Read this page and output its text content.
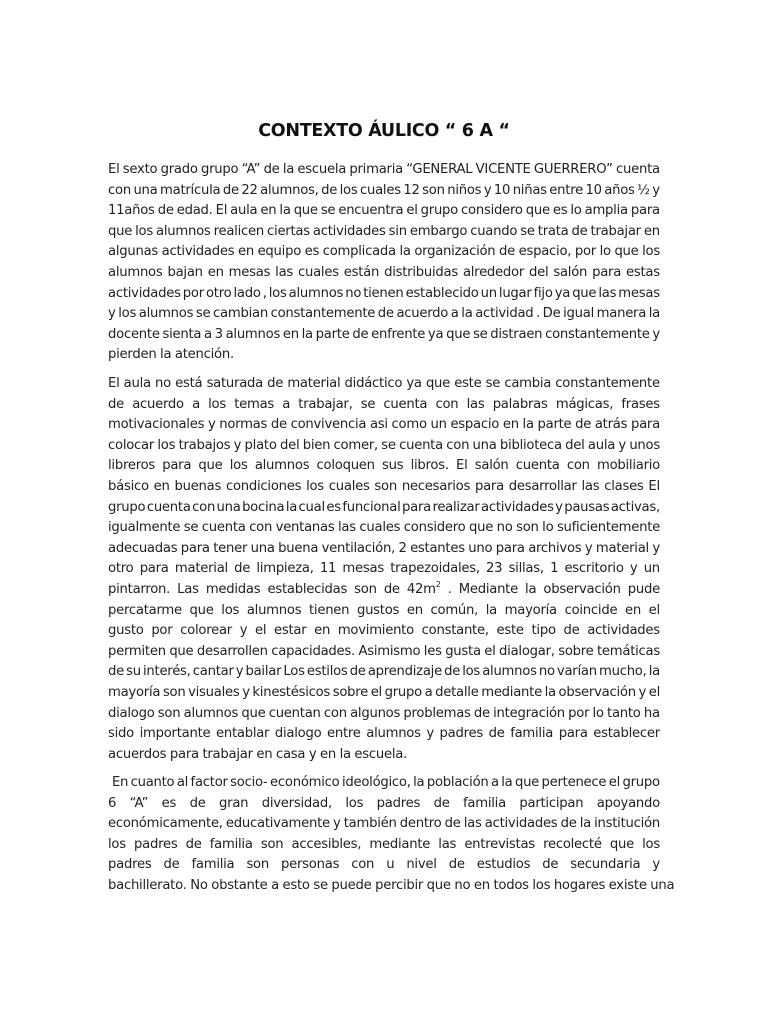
CONTEXTO ÁULICO “ 6 A “
El sexto grado grupo “A” de la escuela primaria “GENERAL VICENTE GUERRERO” cuenta
con una matrícula de 22 alumnos, de los cuales 12 son niños y 10 niñas entre 10 años ½ y
11años de edad. El aula en la que se encuentra el grupo considero que es lo amplia para
que los alumnos realicen ciertas actividades sin embargo cuando se trata de trabajar en
algunas actividades en equipo es complicada la organización de espacio, por lo que los
alumnos bajan en mesas las cuales están distribuidas alrededor del salón para estas
actividades por otro lado , los alumnos no tienen establecido un lugar fijo ya que las mesas
y los alumnos se cambian constantemente de acuerdo a la actividad . De igual manera la
docente sienta a 3 alumnos en la parte de enfrente ya que se distraen constantemente y
pierden la atención.
El aula no está saturada de material didáctico ya que este se cambia constantemente
de acuerdo a los temas a trabajar, se cuenta con las palabras mágicas, frases
motivacionales y normas de convivencia asi como un espacio en la parte de atrás para
colocar los trabajos y plato del bien comer, se cuenta con una biblioteca del aula y unos
libreros para que los alumnos coloquen sus libros. El salón cuenta con mobiliario
básico en buenas condiciones los cuales son necesarios para desarrollar las clases El
grupo cuenta con una bocina la cual es funcional para realizar actividades y pausas activas,
igualmente se cuenta con ventanas las cuales considero que no son lo suficientemente
adecuadas para tener una buena ventilación, 2 estantes uno para archivos y material y
otro para material de limpieza, 11 mesas trapezoidales, 23 sillas, 1 escritorio y un
pintarron. Las medidas establecidas son de $42m^2$ . Mediante la observación pude
percatarme que los alumnos tienen gustos en común, la mayoría coincide en el
gusto por colorear y el estar en movimiento constante, este tipo de actividades
permiten que desarrollen capacidades. Asimismo les gusta el dialogar, sobre temáticas
de su interés, cantar y bailar Los estilos de aprendizaje de los alumnos no varían mucho, la
mayoría son visuales y kinestésicos sobre el grupo a detalle mediante la observación y el
dialogo son alumnos que cuentan con algunos problemas de integración por lo tanto ha
sido importante entablar dialogo entre alumnos y padres de familia para establecer
acuerdos para trabajar en casa y en la escuela.
En cuanto al factor socio- económico ideológico, la población a la que pertenece el grupo
6 “A” es de gran diversidad, los padres de familia participan apoyando
económicamente, educativamente y también dentro de las actividades de la institución
los padres de familia son accesibles, mediante las entrevistas recolecté que los
padres de familia son personas con u nivel de estudios de secundaria y
bachillerato. No obstante a esto se puede percibir que no en todos los hogares existe una
